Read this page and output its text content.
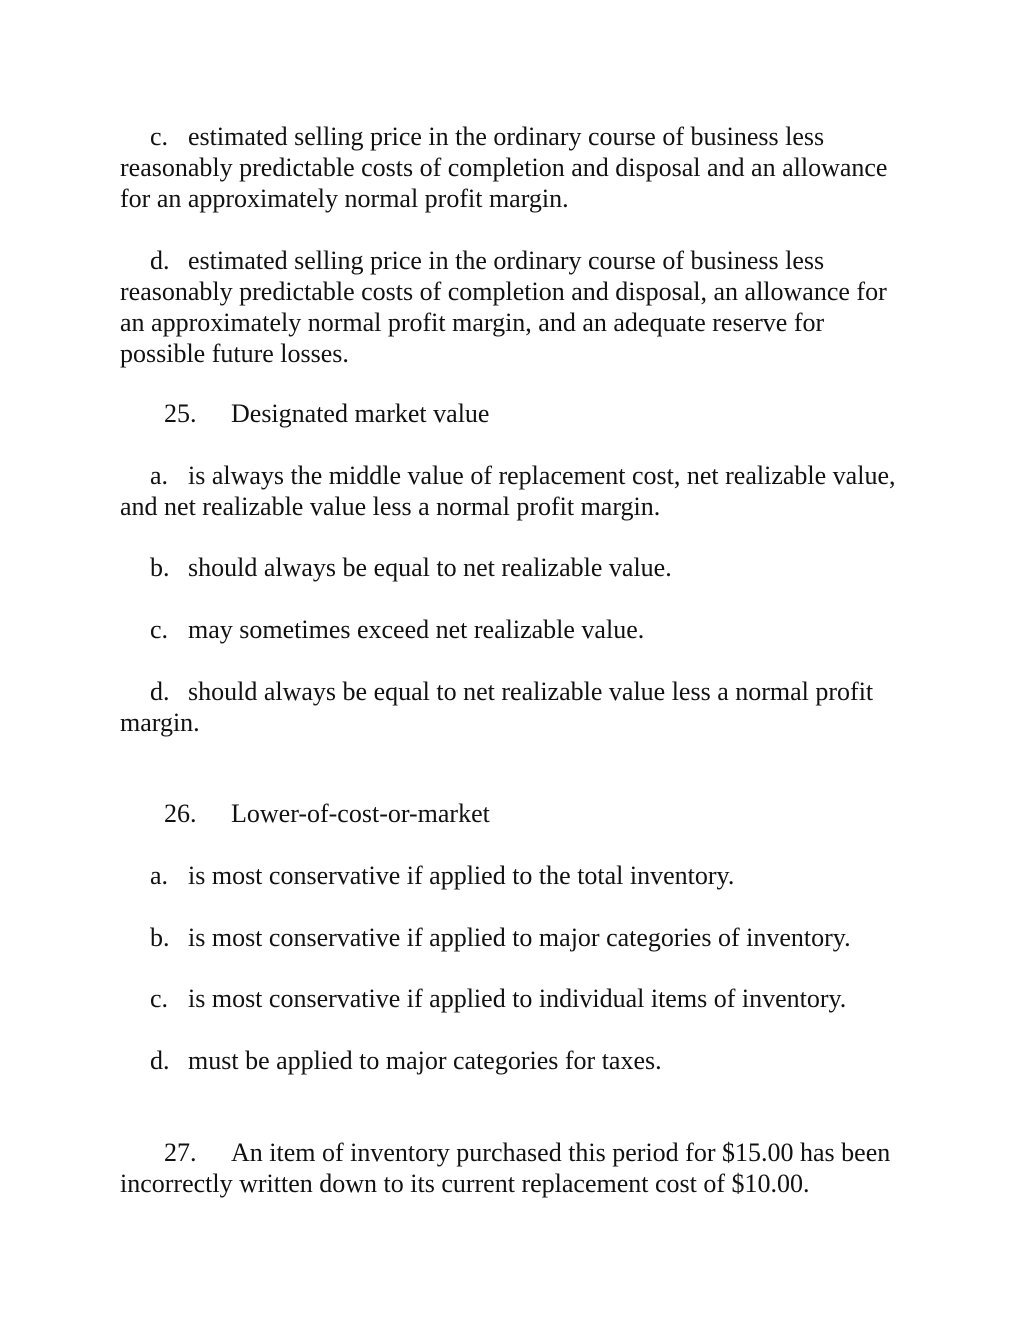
c. estimated selling price in the ordinary course of business less reasonably predictable costs of completion and disposal and an allowance for an approximately normal profit margin.

d. estimated selling price in the ordinary course of business less reasonably predictable costs of completion and disposal, an allowance for an approximately normal profit margin, and an adequate reserve for possible future losses.

25. Designated market value

a. is always the middle value of replacement cost, net realizable value, and net realizable value less a normal profit margin.

b. should always be equal to net realizable value.

c. may sometimes exceed net realizable value.

d. should always be equal to net realizable value less a normal profit margin.

26. Lower-of-cost-or-market

a. is most conservative if applied to the total inventory.

b. is most conservative if applied to major categories of inventory.

c. is most conservative if applied to individual items of inventory.

d. must be applied to major categories for taxes.

27. An item of inventory purchased this period for $15.00 has been incorrectly written down to its current replacement cost of $10.00.
